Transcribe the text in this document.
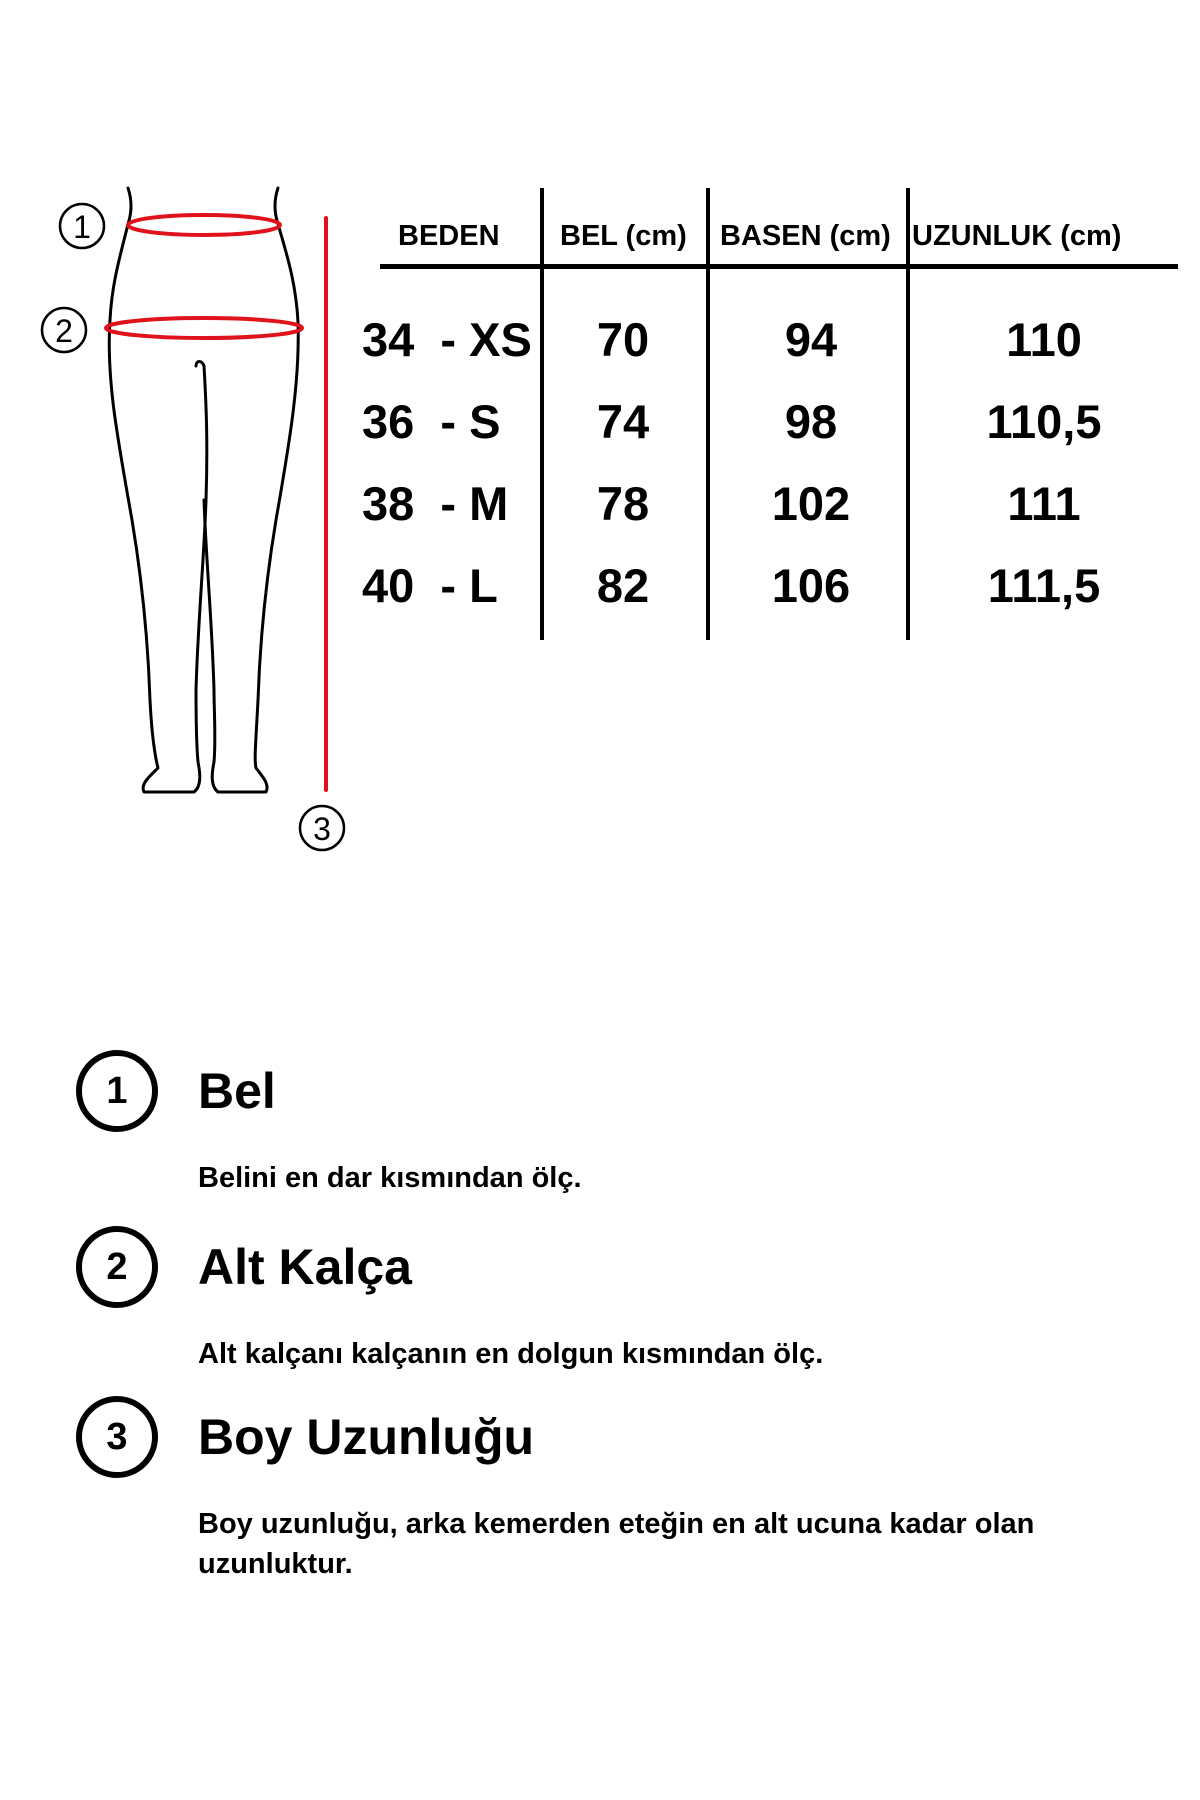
1
2
3
BEDEN BEL (cm) BASEN (cm) UZUNLUK (cm)
34  - XS	70	94	110
36  - S	74	98	110,5
38  - M	78	102	111
40  - L	82	106	111,5
1	Bel
Belini en dar kısmından ölç.
2	Alt Kalça
Alt kalçanı kalçanın en dolgun kısmından ölç.
3	Boy Uzunluğu
Boy uzunluğu, arka kemerden eteğin en alt ucuna kadar olan uzunluktur.
